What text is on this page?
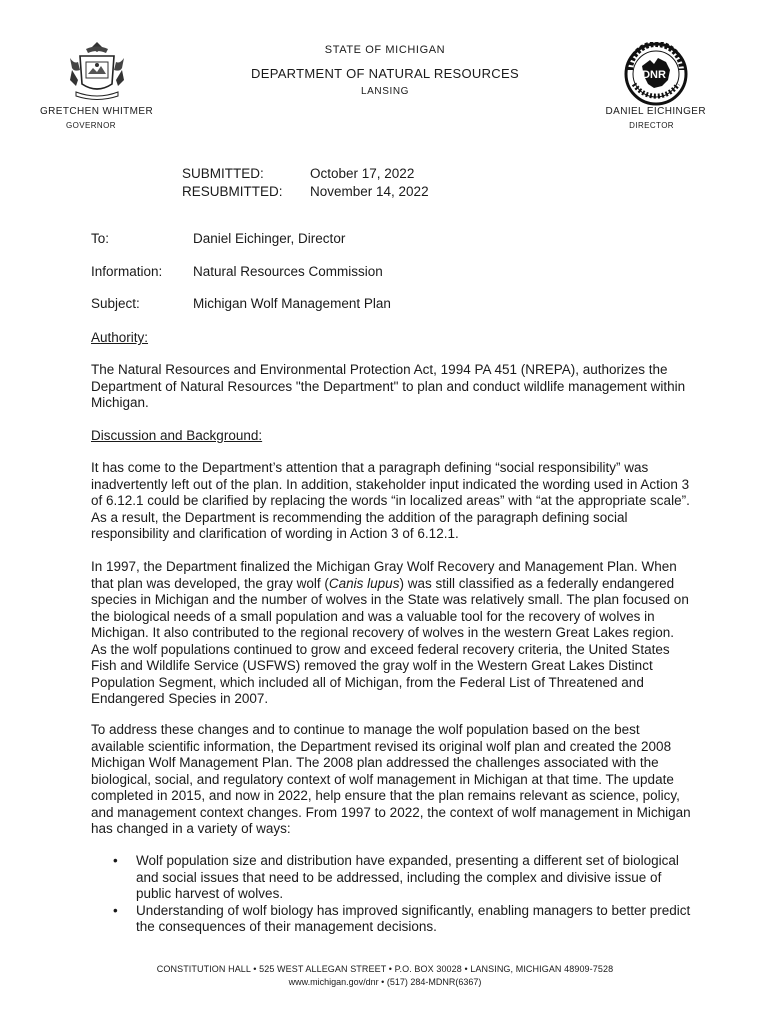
STATE OF MICHIGAN
DEPARTMENT OF NATURAL RESOURCES
LANSING
DNR
GRETCHEN WHITMER
GOVERNOR
DANIEL EICHINGER
DIRECTOR
SUBMITTED:	October 17, 2022
RESUBMITTED:	November 14, 2022
To:	Daniel Eichinger, Director
Information:	Natural Resources Commission
Subject:	Michigan Wolf Management Plan
Authority:

The Natural Resources and Environmental Protection Act, 1994 PA 451 (NREPA), authorizes the Department of Natural Resources "the Department" to plan and conduct wildlife management within Michigan.

Discussion and Background:

It has come to the Department’s attention that a paragraph defining “social responsibility” was inadvertently left out of the plan. In addition, stakeholder input indicated the wording used in Action 3 of 6.12.1 could be clarified by replacing the words “in localized areas” with “at the appropriate scale”. As a result, the Department is recommending the addition of the paragraph defining social responsibility and clarification of wording in Action 3 of 6.12.1.

In 1997, the Department finalized the Michigan Gray Wolf Recovery and Management Plan. When that plan was developed, the gray wolf (Canis lupus) was still classified as a federally endangered species in Michigan and the number of wolves in the State was relatively small. The plan focused on the biological needs of a small population and was a valuable tool for the recovery of wolves in Michigan. It also contributed to the regional recovery of wolves in the western Great Lakes region. As the wolf populations continued to grow and exceed federal recovery criteria, the United States Fish and Wildlife Service (USFWS) removed the gray wolf in the Western Great Lakes Distinct Population Segment, which included all of Michigan, from the Federal List of Threatened and Endangered Species in 2007.

To address these changes and to continue to manage the wolf population based on the best available scientific information, the Department revised its original wolf plan and created the 2008 Michigan Wolf Management Plan. The 2008 plan addressed the challenges associated with the biological, social, and regulatory context of wolf management in Michigan at that time. The update completed in 2015, and now in 2022, help ensure that the plan remains relevant as science, policy, and management context changes. From 1997 to 2022, the context of wolf management in Michigan has changed in a variety of ways:

• Wolf population size and distribution have expanded, presenting a different set of biological and social issues that need to be addressed, including the complex and divisive issue of public harvest of wolves.
• Understanding of wolf biology has improved significantly, enabling managers to better predict the consequences of their management decisions.
CONSTITUTION HALL • 525 WEST ALLEGAN STREET • P.O. BOX 30028 • LANSING, MICHIGAN 48909-7528
www.michigan.gov/dnr • (517) 284-MDNR(6367)
